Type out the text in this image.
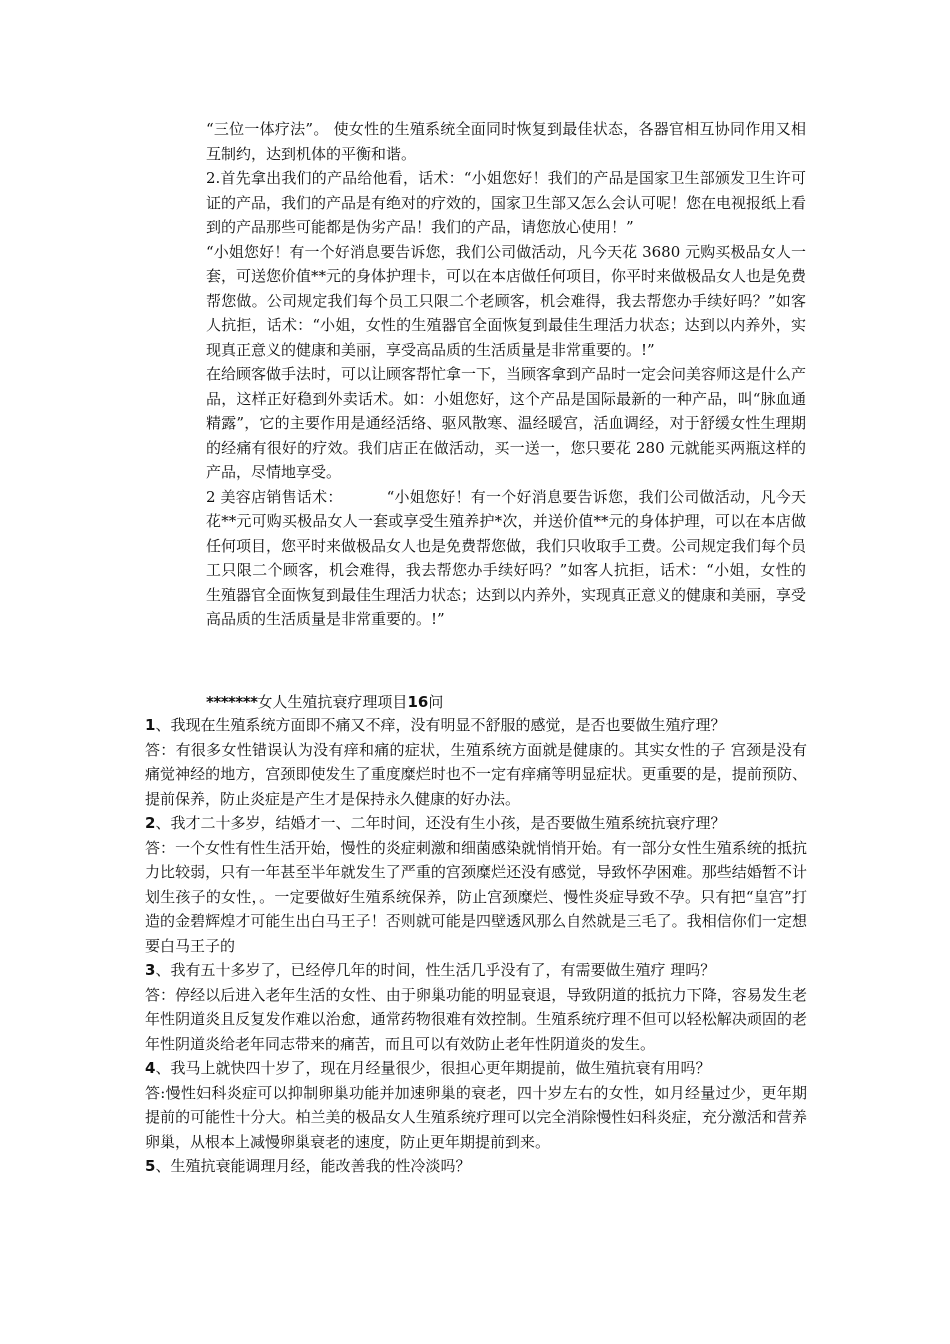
“三位一体疗法”。 使女性的生殖系统全面同时恢复到最佳状态，各器官相互协同作用又相互制约，达到机体的平衡和谐。

2.首先拿出我们的产品给他看，话术：“小姐您好！我们的产品是国家卫生部颁发卫生许可证的产品，我们的产品是有绝对的疗效的，国家卫生部又怎么会认可呢！您在电视报纸上看到的产品那些可能都是伪劣产品！我们的产品，请您放心使用！”

“小姐您好！有一个好消息要告诉您，我们公司做活动，凡今天花 3680 元购买极品女人一套，可送您价值**元的身体护理卡，可以在本店做任何项目，你平时来做极品女人也是免费帮您做。公司规定我们每个员工只限二个老顾客，机会难得，我去帮您办手续好吗？”如客人抗拒，话术：“小姐，女性的生殖器官全面恢复到最佳生理活力状态；达到以内养外，实现真正意义的健康和美丽，享受高品质的生活质量是非常重要的。!”

在给顾客做手法时，可以让顾客帮忙拿一下，当顾客拿到产品时一定会问美容师这是什么产品，这样正好稳到外卖话术。如：小姐您好，这个产品是国际最新的一种产品，叫“脉血通精露”，它的主要作用是通经活络、驱风散寒、温经暖宫，活血调经，对于舒缓女性生理期的经痛有很好的疗效。我们店正在做活动，买一送一，您只要花 280 元就能买两瓶这样的产品，尽情地享受。

2 美容店销售话术：	“小姐您好！有一个好消息要告诉您，我们公司做活动，凡今天花**元可购买极品女人一套或享受生殖养护*次，并送价值**元的身体护理，可以在本店做任何项目，您平时来做极品女人也是免费帮您做，我们只收取手工费。公司规定我们每个员工只限二个顾客，机会难得，我去帮您办手续好吗？”如客人抗拒，话术：“小姐，女性的生殖器官全面恢复到最佳生理活力状态；达到以内养外，实现真正意义的健康和美丽，享受高品质的生活质量是非常重要的。!”

*******女人生殖抗衰疗理项目16问

1、我现在生殖系统方面即不痛又不痒，没有明显不舒服的感觉，是否也要做生殖疗理？

答：有很多女性错误认为没有痒和痛的症状，生殖系统方面就是健康的。其实女性的子 宫颈是没有痛觉神经的地方，宫颈即使发生了重度糜烂时也不一定有痒痛等明显症状。更重要的是，提前预防、提前保养，防止炎症是产生才是保持永久健康的好办法。

2、我才二十多岁，结婚才一、二年时间，还没有生小孩，是否要做生殖系统抗衰疗理？

答：一个女性有性生活开始，慢性的炎症刺激和细菌感染就悄悄开始。有一部分女性生殖系统的抵抗力比较弱，只有一年甚至半年就发生了严重的宫颈糜烂还没有感觉，导致怀孕困难。那些结婚暂不计划生孩子的女性，。一定要做好生殖系统保养，防止宫颈糜烂、慢性炎症导致不孕。只有把“皇宫”打造的金碧辉煌才可能生出白马王子！否则就可能是四壁透风那么自然就是三毛了。我相信你们一定想要白马王子的

3、我有五十多岁了，已经停几年的时间，性生活几乎没有了，有需要做生殖疗 理吗？

答：停经以后进入老年生活的女性、由于卵巢功能的明显衰退，导致阴道的抵抗力下降，容易发生老年性阴道炎且反复发作难以治愈，通常药物很难有效控制。生殖系统疗理不但可以轻松解决顽固的老年性阴道炎给老年同志带来的痛苦，而且可以有效防止老年性阴道炎的发生。

4、我马上就快四十岁了，现在月经量很少，很担心更年期提前，做生殖抗衰有用吗？

答:慢性妇科炎症可以抑制卵巢功能并加速卵巢的衰老，四十岁左右的女性，如月经量过少，更年期提前的可能性十分大。柏兰美的极品女人生殖系统疗理可以完全消除慢性妇科炎症，充分激活和营养卵巢，从根本上减慢卵巢衰老的速度，防止更年期提前到来。

5、生殖抗衰能调理月经，能改善我的性冷淡吗？
